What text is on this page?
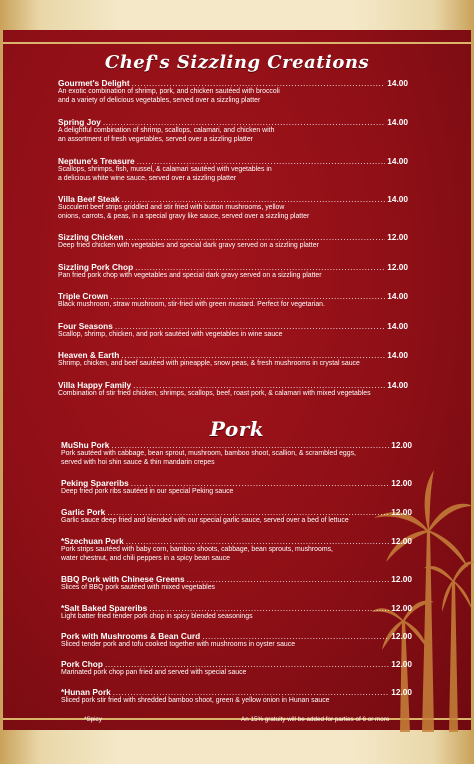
Chef's Sizzling Creations
Gourmet's Delight .....	14.00
An exotic combination of shrimp, pork, and chicken sautéed with broccoli
and a variety of delicious vegetables, served over a sizzling platter
Spring Joy .....	14.00
A delightful combination of shrimp, scallops, calamari, and chicken with
an assortment of fresh vegetables, served over a sizzling platter
Neptune's Treasure .....	14.00
Scallops, shrimps, fish, mussel, & calamari sautéed with vegetables in
a delicious white wine sauce, served over a sizzling platter
Villa Beef Steak .....	14.00
Succulent beef strips griddled and stir fried with button mushrooms, yellow
onions, carrots, & peas, in a special gravy like sauce, served over a sizzling platter
Sizzling Chicken .....	12.00
Deep fried chicken with vegetables and special dark gravy served on a sizzling platter
Sizzling Pork Chop .....	12.00
Pan fried pork chop with vegetables and special dark gravy served on a sizzling platter
Triple Crown .....	14.00
Black mushroom, straw mushroom, stir-fried with green mustard. Perfect for vegetarian.
Four Seasons .....	14.00
Scallop, shrimp, chicken, and pork sautéed with vegetables in wine sauce
Heaven & Earth .....	14.00
Shrimp, chicken, and beef sautéed with pineapple, snow peas, & fresh mushrooms in crystal sauce
Villa Happy Family .....	14.00
Combination of stir fried chicken, shrimps, scallops, beef, roast pork, & calamari with mixed vegetables
Pork
MuShu Pork .....	12.00
Pork sautéed with cabbage, bean sprout, mushroom, bamboo shoot, scallion, & scrambled eggs,
served with hoi shin sauce & thin mandarin crepes
Peking Spareribs .....	12.00
Deep fried pork ribs sautéed in our special Peking sauce
Garlic Pork .....	12.00
Garlic sauce deep fried and blended with our special garlic sauce, served over a bed of lettuce
*Szechuan Pork .....	12.00
Pork strips sautéed with baby corn, bamboo shoots, cabbage, bean sprouts, mushrooms,
water chestnut, and chili peppers in a spicy bean sauce
BBQ Pork with Chinese Greens .....	12.00
Slices of BBQ pork sautéed with mixed vegetables
*Salt Baked Spareribs .....	12.00
Light batter fried tender pork chop in spicy blended seasonings
Pork with Mushrooms & Bean Curd .....	12.00
Sliced tender pork and tofu cooked together with mushrooms in oyster sauce
Pork Chop .....	12.00
Marinated pork chop pan fried and served with special sauce
*Hunan Pork .....	12.00
Sliced pork stir fried with shredded bamboo shoot, green & yellow onion in Hunan sauce
*Spicy	An 15% gratuity will be added for parties of 6 or more
